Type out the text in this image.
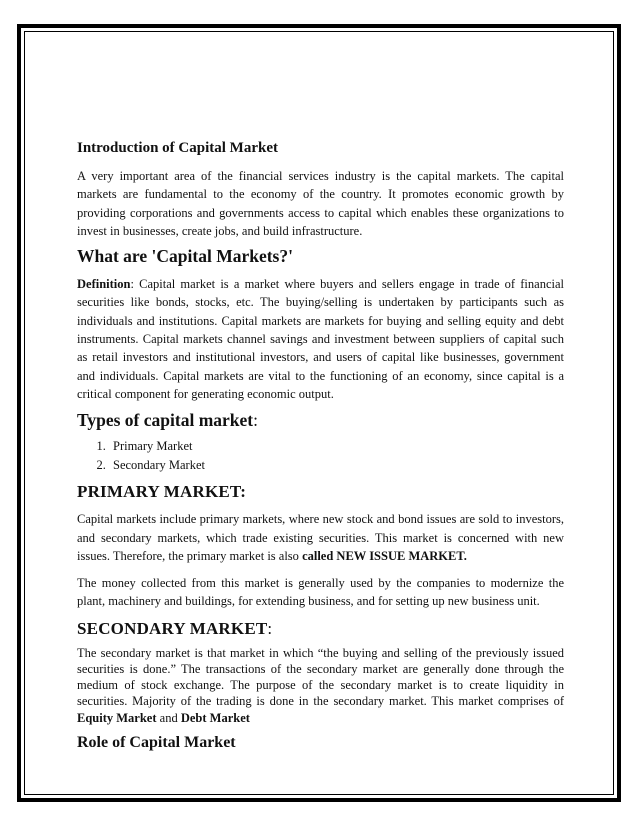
Introduction of Capital Market

A very important area of the financial services industry is the capital markets. The capital markets are fundamental to the economy of the country. It promotes economic growth by providing corporations and governments access to capital which enables these organizations to invest in businesses, create jobs, and build infrastructure.

What are 'Capital Markets?'

Definition: Capital market is a market where buyers and sellers engage in trade of financial securities like bonds, stocks, etc. The buying/selling is undertaken by participants such as individuals and institutions. Capital markets are markets for buying and selling equity and debt instruments. Capital markets channel savings and investment between suppliers of capital such as retail investors and institutional investors, and users of capital like businesses, government and individuals. Capital markets are vital to the functioning of an economy, since capital is a critical component for generating economic output.

Types of capital market:
1. Primary Market
2. Secondary Market
PRIMARY MARKET:

Capital markets include primary markets, where new stock and bond issues are sold to investors, and secondary markets, which trade existing securities. This market is concerned with new issues. Therefore, the primary market is also called NEW ISSUE MARKET.

The money collected from this market is generally used by the companies to modernize the plant, machinery and buildings, for extending business, and for setting up new business unit.

SECONDARY MARKET:

The secondary market is that market in which “the buying and selling of the previously issued securities is done.” The transactions of the secondary market are generally done through the medium of stock exchange. The purpose of the secondary market is to create liquidity in securities. Majority of the trading is done in the secondary market. This market comprises of Equity Market and Debt Market

Role of Capital Market
